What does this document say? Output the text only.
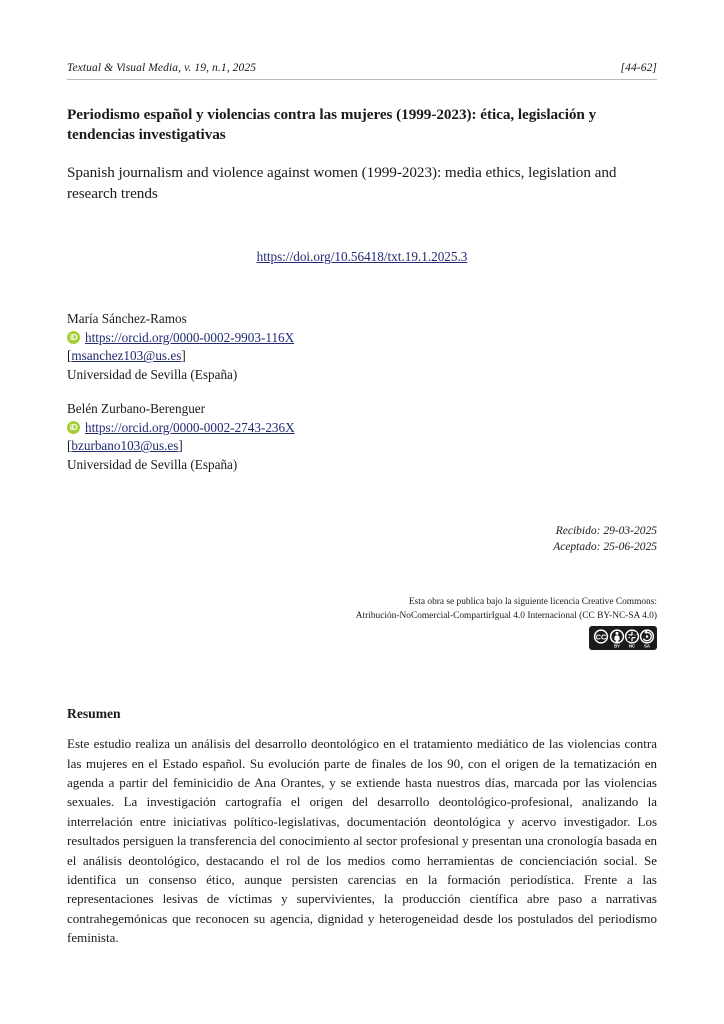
Textual & Visual Media, v. 19, n.1, 2025	[44-62]
Periodismo español y violencias contra las mujeres (1999-2023): ética, legislación y tendencias investigativas
Spanish journalism and violence against women (1999-2023): media ethics, legislation and research trends
https://doi.org/10.56418/txt.19.1.2025.3
María Sánchez-Ramos
iD https://orcid.org/0000-0002-9903-116X
[msanchez103@us.es]
Universidad de Sevilla (España)
Belén Zurbano-Berenguer
iD https://orcid.org/0000-0002-2743-236X
[bzurbano103@us.es]
Universidad de Sevilla (España)
Recibido: 29-03-2025
Aceptado: 25-06-2025
Esta obra se publica bajo la siguiente licencia Creative Commons:
Atribución-NoComercial-CompartirIgual 4.0 Internacional (CC BY-NC-SA 4.0)
CC
BY NC SA
Resumen

Este estudio realiza un análisis del desarrollo deontológico en el tratamiento mediático de las violencias contra las mujeres en el Estado español. Su evolución parte de finales de los 90, con el origen de la tematización en agenda a partir del feminicidio de Ana Orantes, y se extiende hasta nuestros días, marcada por las violencias sexuales. La investigación cartografía el origen del desarrollo deontológico-profesional, analizando la interrelación entre iniciativas político-legislativas, documentación deontológica y acervo investigador. Los resultados persiguen la transferencia del conocimiento al sector profesional y presentan una cronología basada en el análisis deontológico, destacando el rol de los medios como herramientas de concienciación social. Se identifica un consenso ético, aunque persisten carencias en la formación periodística. Frente a las representaciones lesivas de víctimas y supervivientes, la producción científica abre paso a narrativas contrahegemónicas que reconocen su agencia, dignidad y heterogeneidad desde los postulados del periodismo feminista.
